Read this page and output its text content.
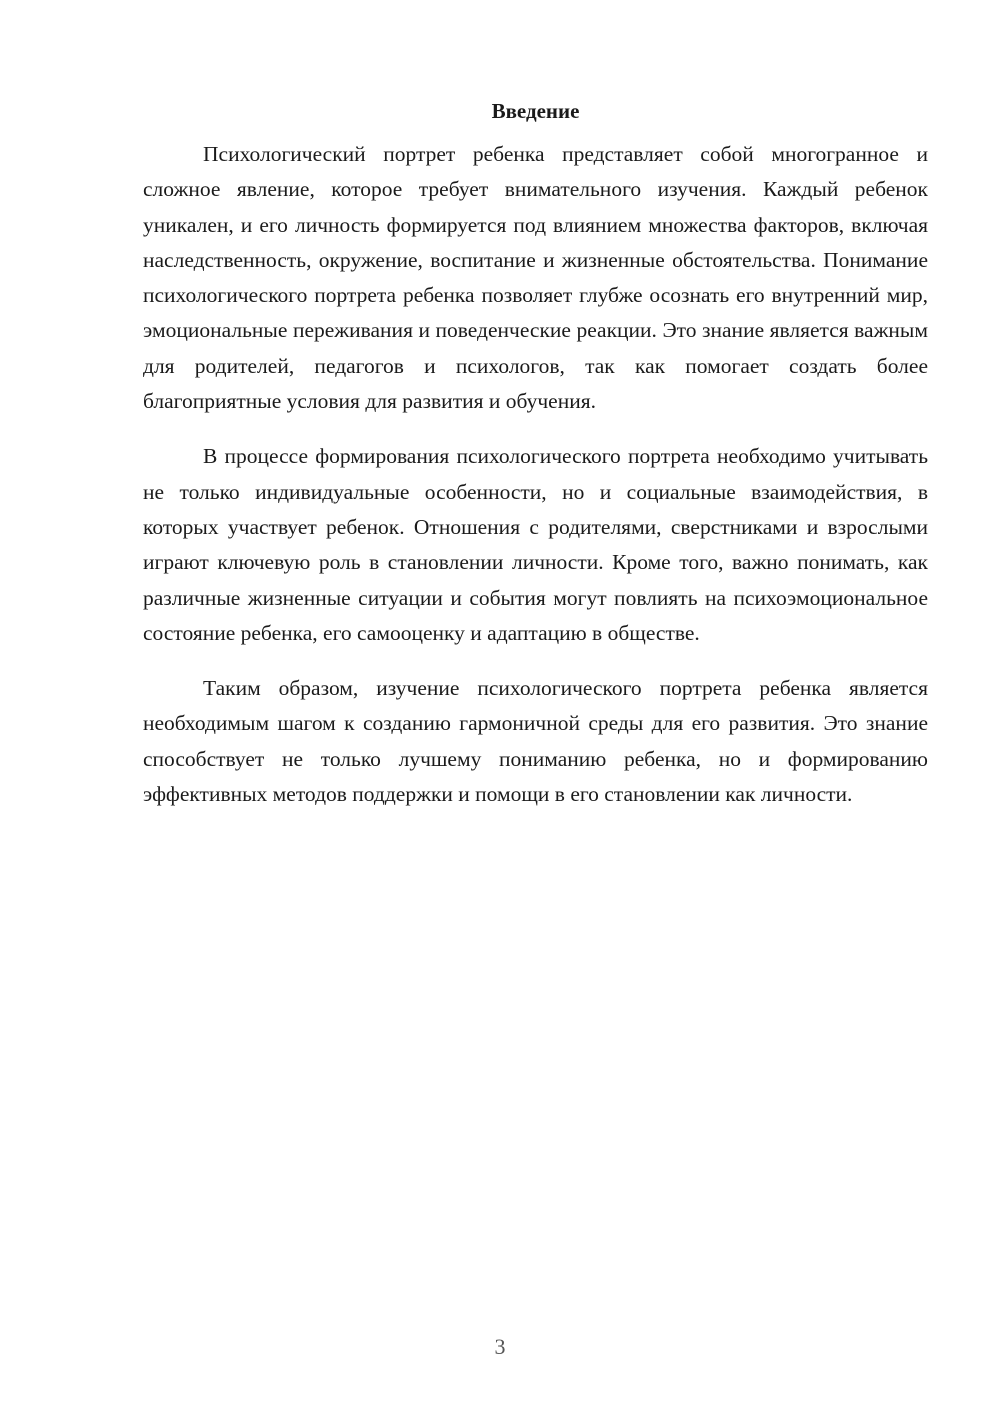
Введение

Психологический портрет ребенка представляет собой многогранное и сложное явление, которое требует внимательного изучения. Каждый ребенок уникален, и его личность формируется под влиянием множества факторов, включая наследственность, окружение, воспитание и жизненные обстоятельства. Понимание психологического портрета ребенка позволяет глубже осознать его внутренний мир, эмоциональные переживания и поведенческие реакции. Это знание является важным для родителей, педагогов и психологов, так как помогает создать более благоприятные условия для развития и обучения.

В процессе формирования психологического портрета необходимо учитывать не только индивидуальные особенности, но и социальные взаимодействия, в которых участвует ребенок. Отношения с родителями, сверстниками и взрослыми играют ключевую роль в становлении личности. Кроме того, важно понимать, как различные жизненные ситуации и события могут повлиять на психоэмоциональное состояние ребенка, его самооценку и адаптацию в обществе.

Таким образом, изучение психологического портрета ребенка является необходимым шагом к созданию гармоничной среды для его развития. Это знание способствует не только лучшему пониманию ребенка, но и формированию эффективных методов поддержки и помощи в его становлении как личности.

3
